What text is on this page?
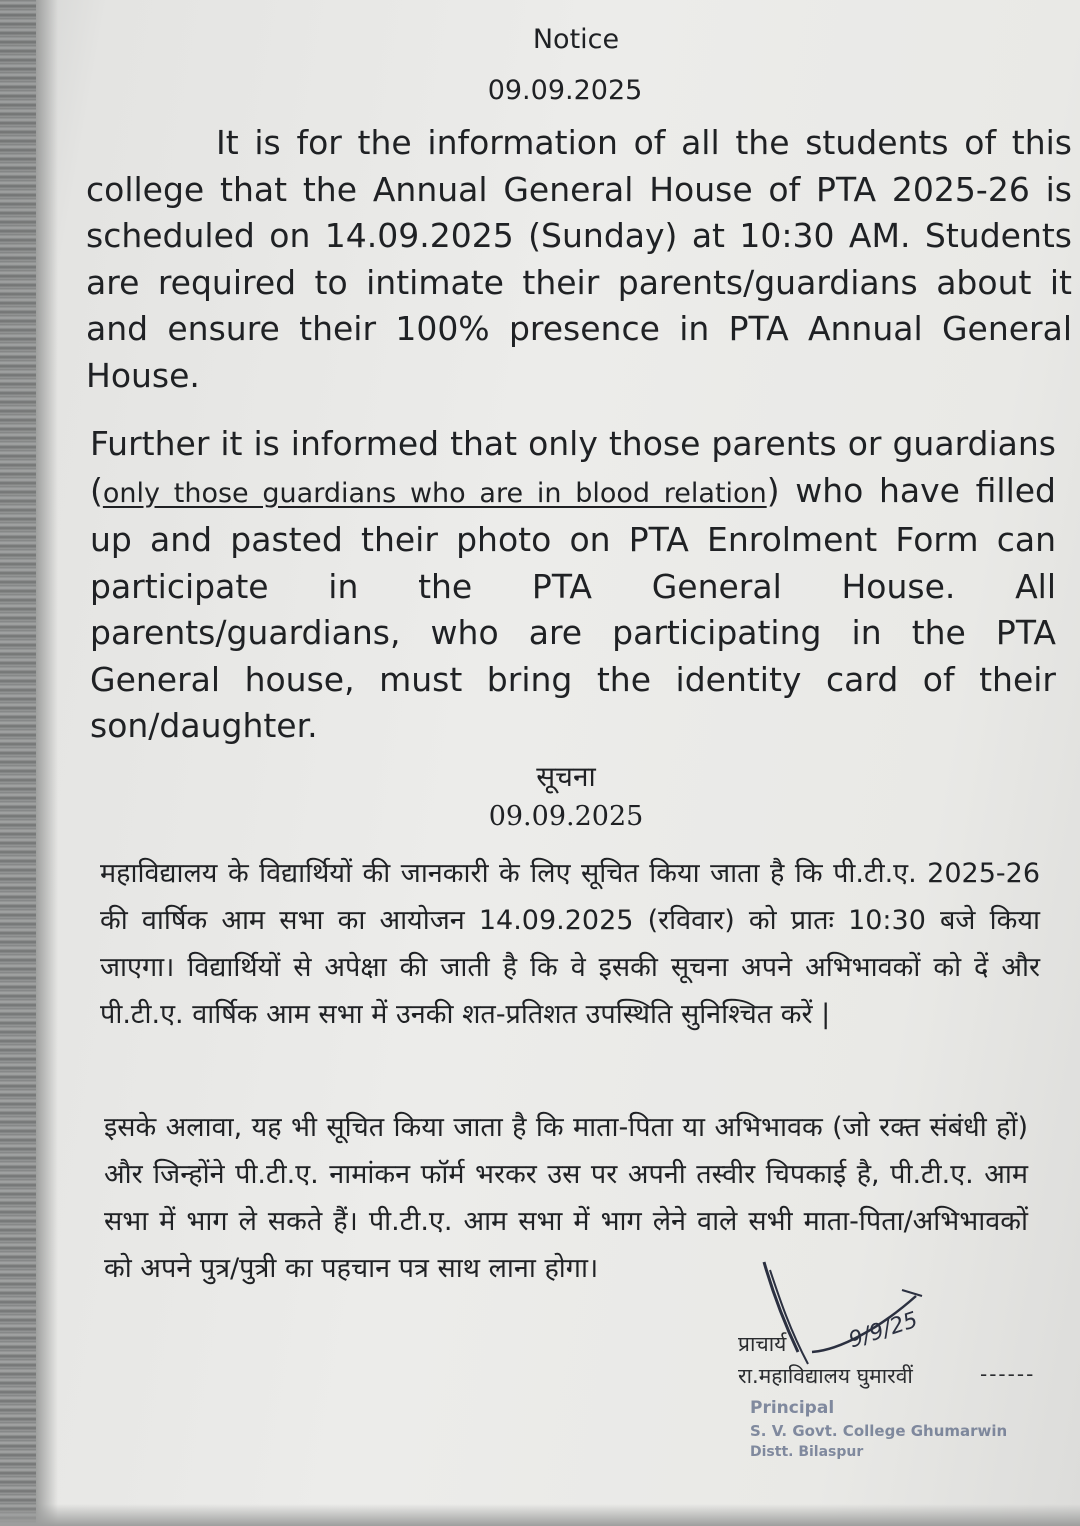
Notice
09.09.2025
It is for the information of all the students of this college that the Annual General House of PTA 2025-26 is scheduled on 14.09.2025 (Sunday) at 10:30 AM. Students are required to intimate their parents/guardians about it and ensure their 100% presence in PTA Annual General House.
Further it is informed that only those parents or guardians (only those guardians who are in blood relation) who have filled up and pasted their photo on PTA Enrolment Form can participate in the PTA General House. All parents/guardians, who are participating in the PTA General house, must bring the identity card of their son/daughter.
सूचना
09.09.2025
महाविद्यालय के विद्यार्थियों की जानकारी के लिए सूचित किया जाता है कि पी.टी.ए. 2025-26 की वार्षिक आम सभा का आयोजन 14.09.2025 (रविवार) को प्रातः 10:30 बजे किया जाएगा। विद्यार्थियों से अपेक्षा की जाती है कि वे इसकी सूचना अपने अभिभावकों को दें और पी.टी.ए. वार्षिक आम सभा में उनकी शत-प्रतिशत उपस्थिति सुनिश्चित करें |
इसके अलावा, यह भी सूचित किया जाता है कि माता-पिता या अभिभावक (जो रक्त संबंधी हों) और जिन्होंने पी.टी.ए. नामांकन फॉर्म भरकर उस पर अपनी तस्वीर चिपकाई है, पी.टी.ए. आम सभा में भाग ले सकते हैं। पी.टी.ए. आम सभा में भाग लेने वाले सभी माता-पिता/अभिभावकों को अपने पुत्र/पुत्री का पहचान पत्र साथ लाना होगा।
प्राचार्य
रा.महाविद्यालय घुमारवीं	------
9/9/25
Principal
S. V. Govt. College Ghumarwin
Distt. Bilaspur
